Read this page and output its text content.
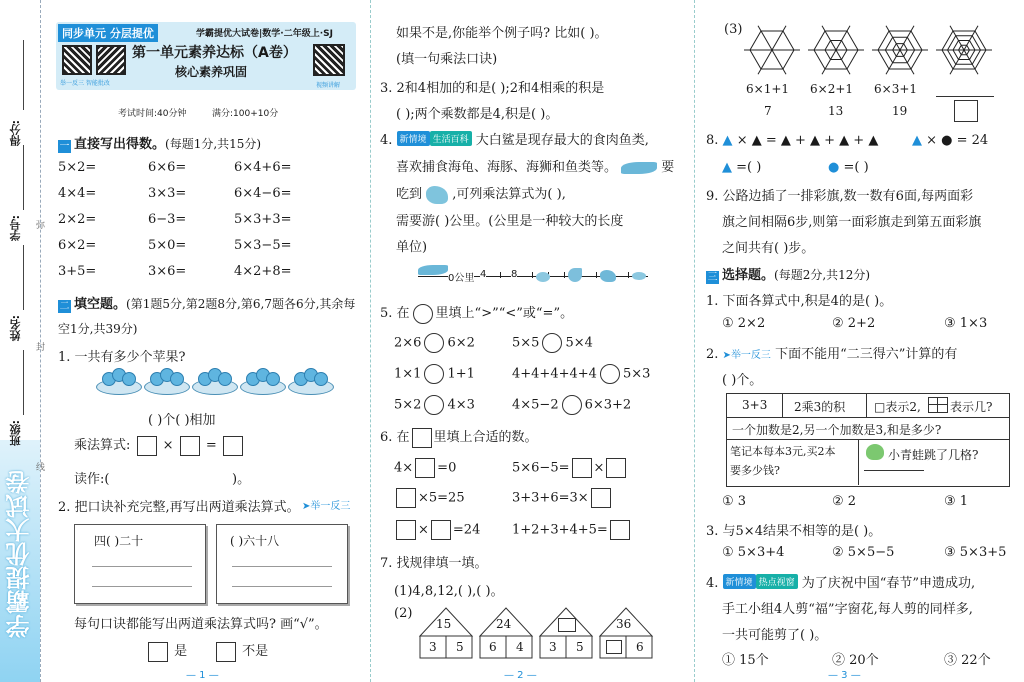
学霸提优大试卷
得分:
学号:
姓名:
班级:
弥
封
线
同步单元 分层提优	学霸提优大试卷|数学·二年级上·SJ
举一反三 智能批改
第一单元素养达标（A卷）
核心素养巩固
视频讲解
考试时间:40分钟	满分:100+10分
一 直接写出得数。(每题1分,共15分)
5×2=	6×6=	6×4+6=
4×4=	3×3=	6×4−6=
2×2=	6−3=	5×3+3=
6×2=	5×0=	5×3−5=
3+5=	3×6=	4×2+8=
二 填空题。(第1题5分,第2题8分,第6,7题各6分,其余每空1分,共39分)
1. 一共有多少个苹果?
( )个( )相加
乘法算式: × =
读作:(	)。
2. 把口诀补充完整,再写出两道乘法算式。 ➤举一反三
四( )二十	( )六十八
每句口诀都能写出两道乘法算式吗? 画“√”。
是	不是
— 1 —
如果不是,你能举个例子吗? 比如( )。
(填一句乘法口诀)
3. 2和4相加的和是( );2和4相乘的积是
( );两个乘数都是4,积是( )。
4. 新情境 生活百科 大白鲨是现存最大的食肉鱼类,
喜欢捕食海龟、海豚、海狮和鱼类等。	要
吃到 ,可列乘法算式为( ),
需要游( )公里。(公里是一种较大的长度
单位)
0公里 4 8
5. 在 里填上“>”“<”或“=”。
2×6 6×2	5×5 5×4
1×1 1+1	4+4+4+4+4 5×3
5×2 4×3	4×5−2 6×3+2
6. 在 里填上合适的数。
4× =0	5×6−5= ×
×5=25	3+3+6=3×
× =24 1+2+3+4+5=
7. 找规律填一填。
(1)4,8,12,( ),( )。
(2)
15
3 5
24
6 4 3 5
36
6
— 2 —
(3)
6×1+1
7
6×2+1
13
6×3+1
19
8. ▲ × ▲ = ▲ + ▲ + ▲ + ▲	▲ × ● = 24
▲ =( )	● =( )
9. 公路边插了一排彩旗,数一数有6面,每两面彩
旗之间相隔6步,则第一面彩旗走到第五面彩旗
之间共有( )步。
三 选择题。(每题2分,共12分)
1. 下面各算式中,积是4的是( )。
① 2×2	② 2+2	③ 1×3
2. ➤举一反三 下面不能用“二三得六”计算的有
( )个。
3+3 2乘3的积 □表示2, 表示几?
一个加数是2,另一个加数是3,和是多少?
笔记本每本3元,买2本
要多少钱?
小青蛙跳了几格?
① 3	② 2	③ 1
3. 与5×4结果不相等的是( )。
① 5×3+4	② 5×5−5	③ 5×3+5
4. 新情境 热点视窗 为了庆祝中国“春节”申遗成功,
手工小组4人剪“福”字窗花,每人剪的同样多,
一共可能剪了( )。
① 15个	② 20个	③ 22个
— 3 —
